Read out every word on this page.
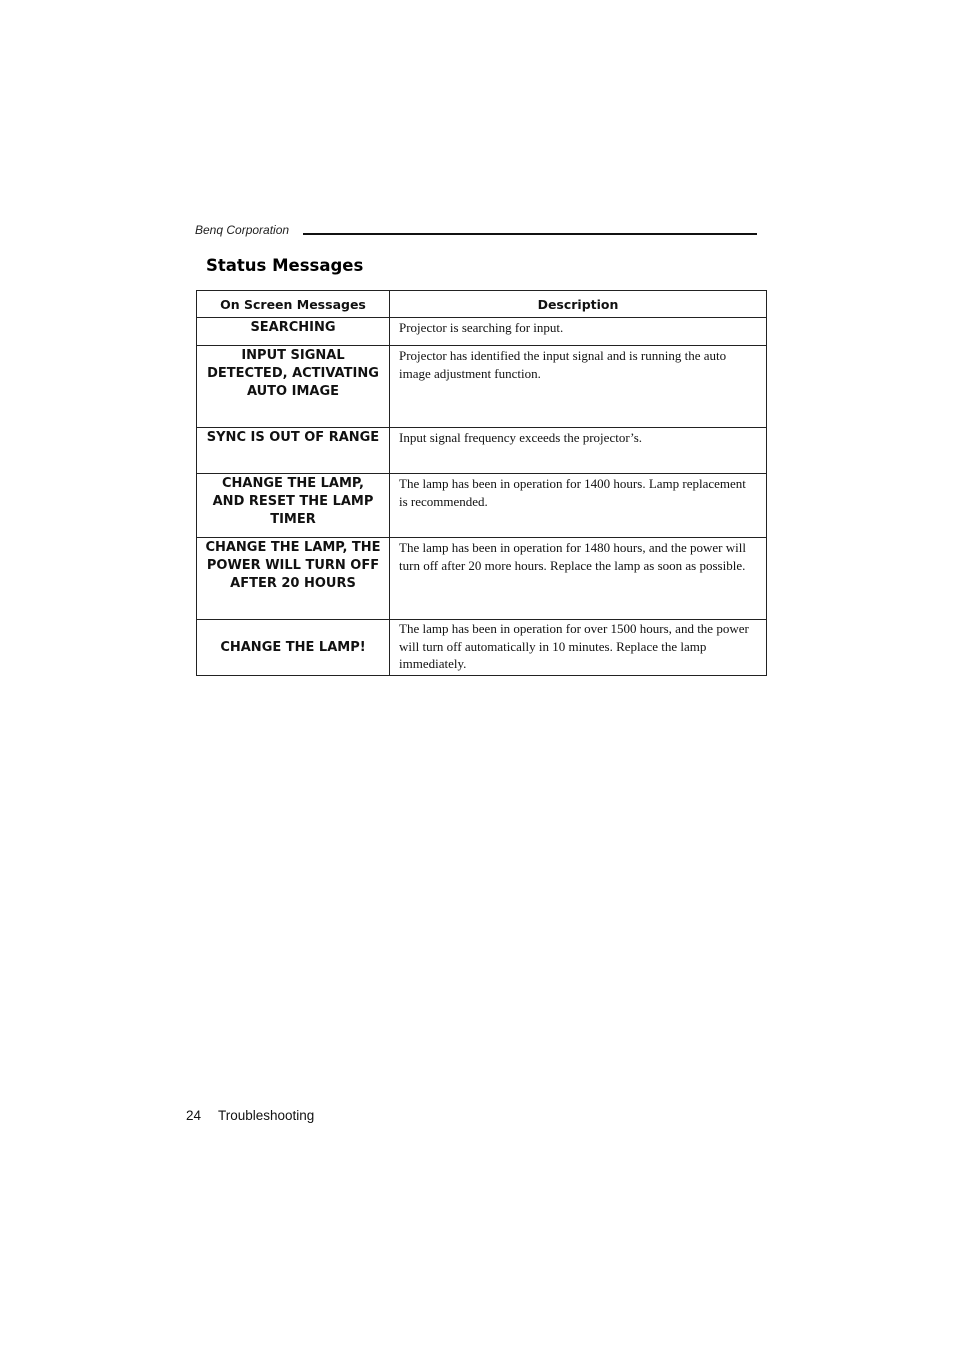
Benq Corporation
Status Messages
On Screen Messages	Description
SEARCHING	Projector is searching for input.
INPUT SIGNAL DETECTED, ACTIVATING AUTO IMAGE	Projector has identified the input signal and is running the auto image adjustment function.
SYNC IS OUT OF RANGE	Input signal frequency exceeds the projector’s.
CHANGE THE LAMP, AND RESET THE LAMP TIMER	The lamp has been in operation for 1400 hours. Lamp replacement is recommended.
CHANGE THE LAMP, THE POWER WILL TURN OFF AFTER 20 HOURS	The lamp has been in operation for 1480 hours, and the power will turn off after 20 more hours. Replace the lamp as soon as possible.
CHANGE THE LAMP!	The lamp has been in operation for over 1500 hours, and the power will turn off automatically in 10 minutes. Replace the lamp immediately.
24 Troubleshooting
